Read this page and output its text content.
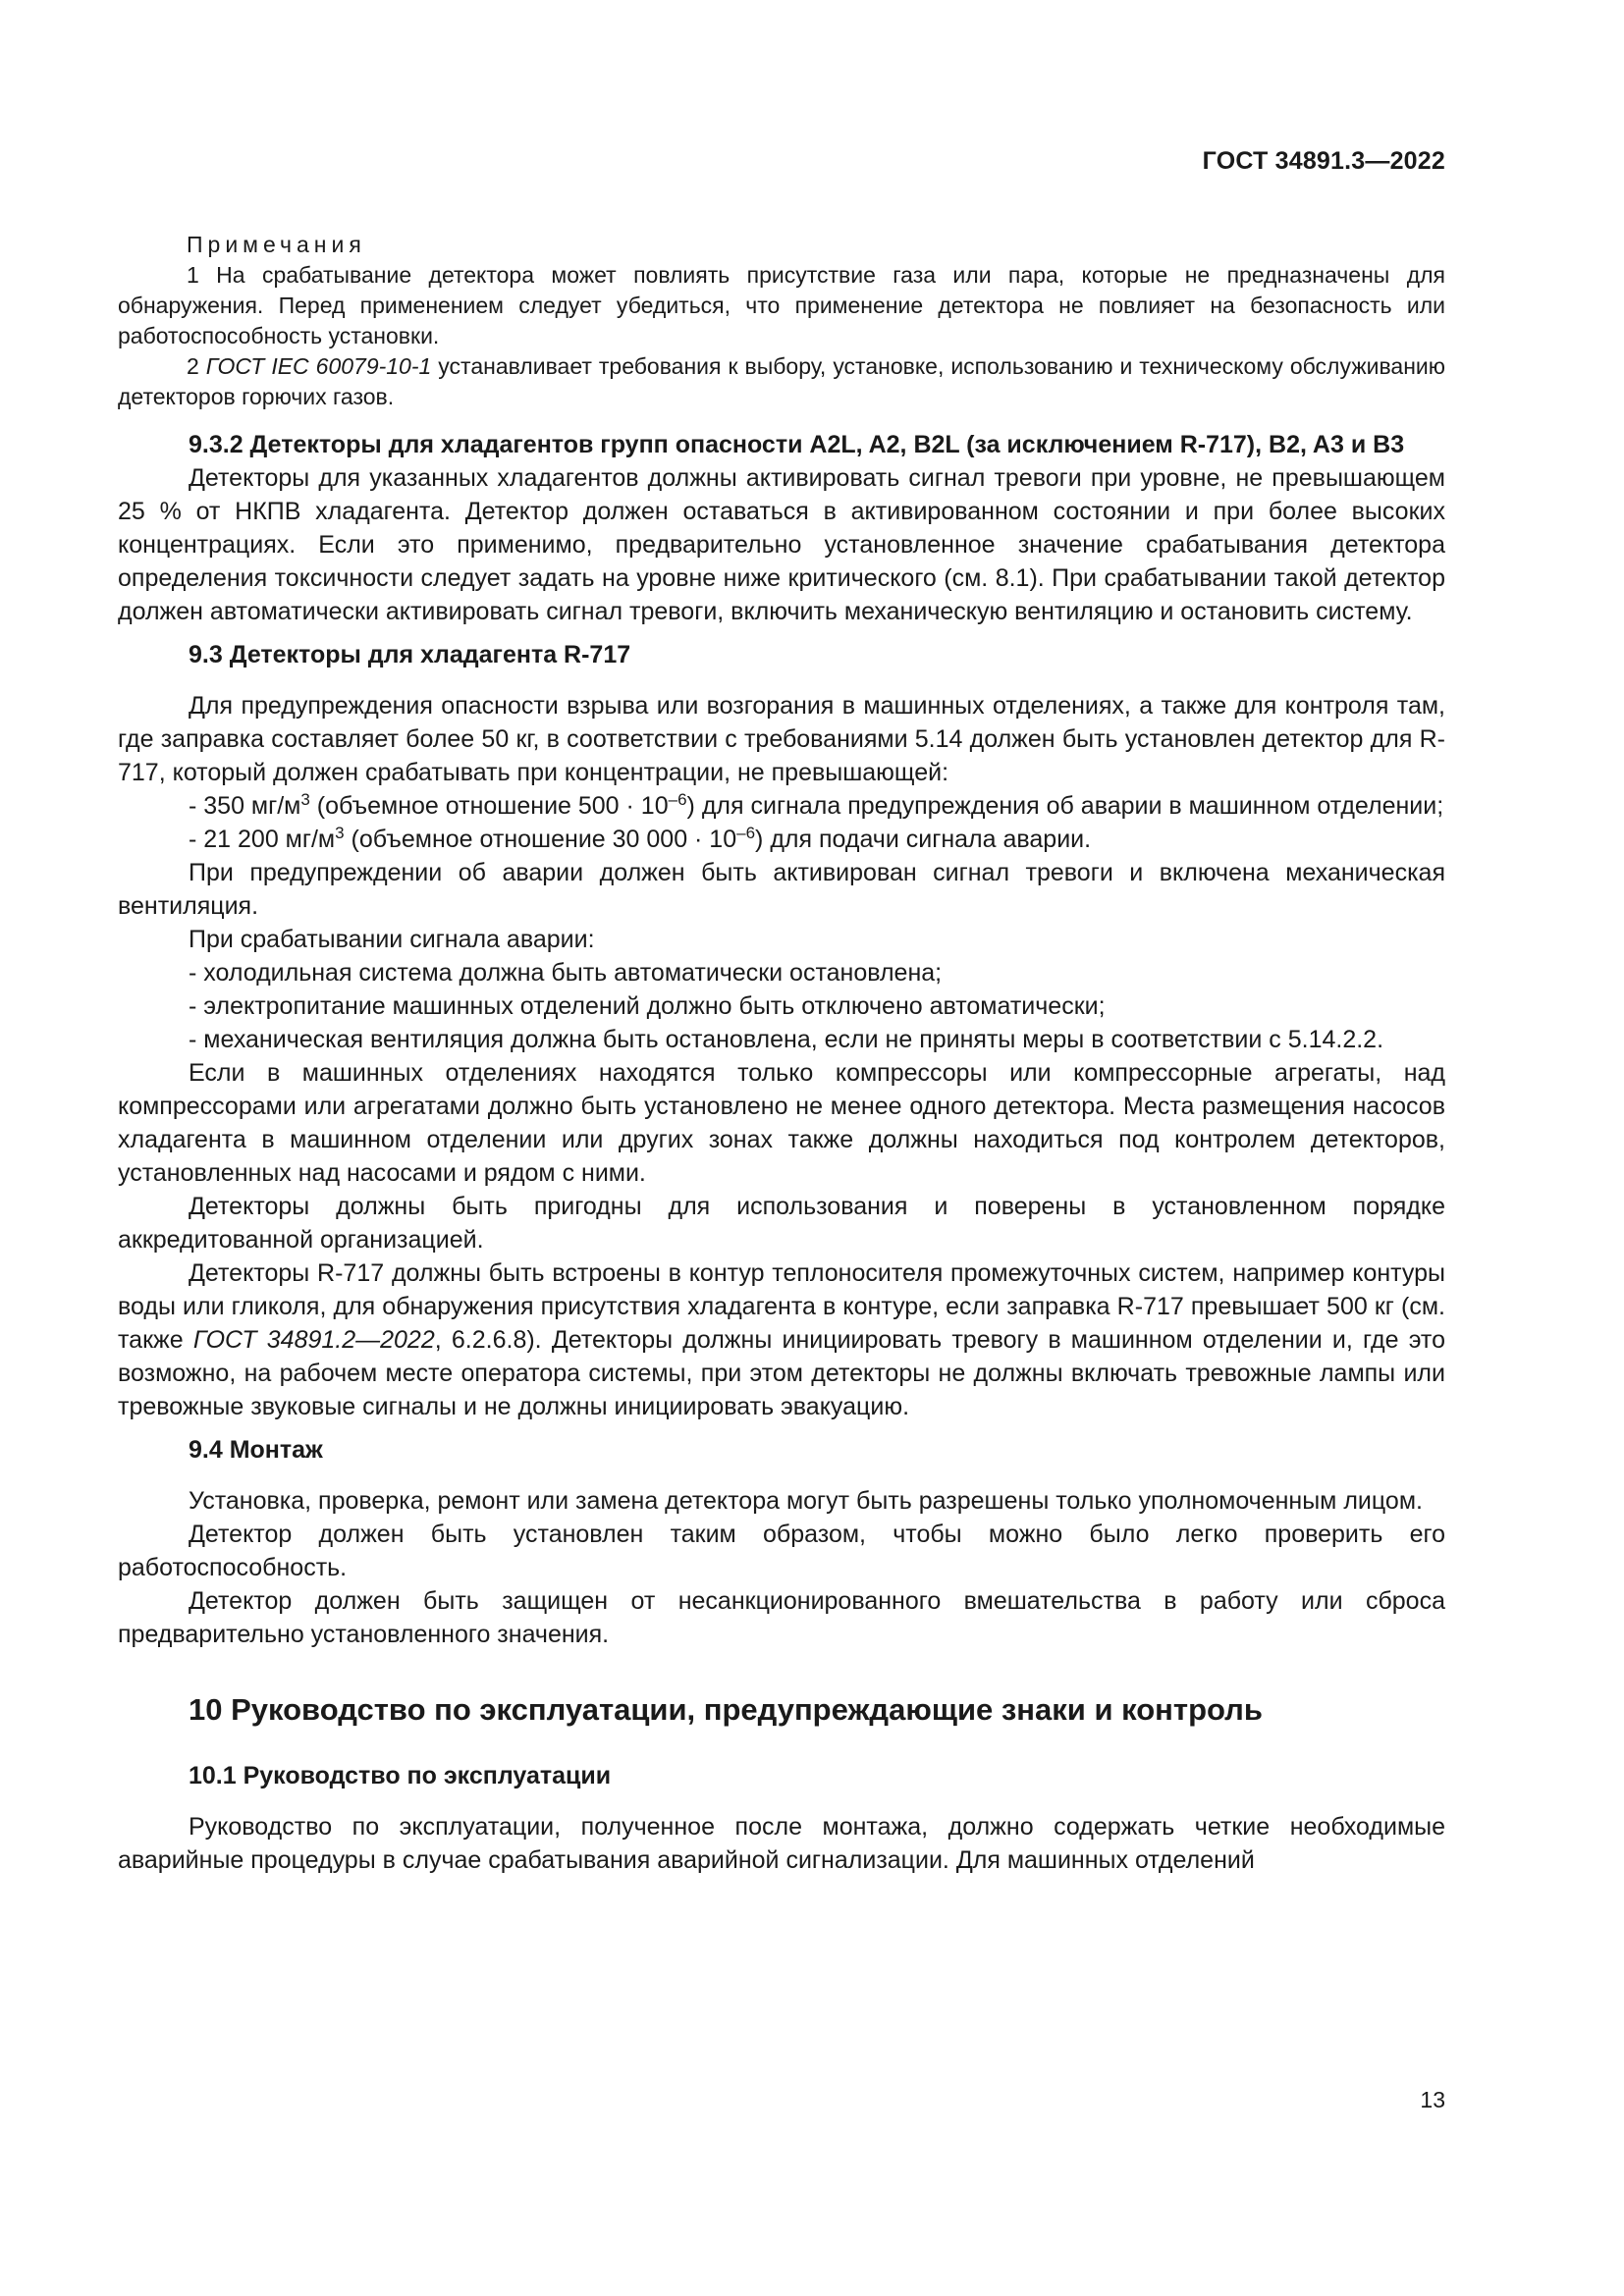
ГОСТ 34891.3—2022
Примечания

1 На срабатывание детектора может повлиять присутствие газа или пара, которые не предназначены для обнаружения. Перед применением следует убедиться, что применение детектора не повлияет на безопасность или работоспособность установки.

2 ГОСТ IEC 60079-10-1 устанавливает требования к выбору, установке, использованию и техническому обслуживанию детекторов горючих газов.

9.3.2 Детекторы для хладагентов групп опасности A2L, A2, B2L (за исключением R-717), B2, A3 и B3

Детекторы для указанных хладагентов должны активировать сигнал тревоги при уровне, не превышающем 25 % от НКПВ хладагента. Детектор должен оставаться в активированном состоянии и при более высоких концентрациях. Если это применимо, предварительно установленное значение срабатывания детектора определения токсичности следует задать на уровне ниже критического (см. 8.1). При срабатывании такой детектор должен автоматически активировать сигнал тревоги, включить механическую вентиляцию и остановить систему.

9.3 Детекторы для хладагента R-717

Для предупреждения опасности взрыва или возгорания в машинных отделениях, а также для контроля там, где заправка составляет более 50 кг, в соответствии с требованиями 5.14 должен быть установлен детектор для R-717, который должен срабатывать при концентрации, не превышающей:

- 350 $мг/м^3$ (объемное отношение $500 \cdot 10^{-6}$) для сигнала предупреждения об аварии в машинном отделении;

- 21 200 $мг/м^3$ (объемное отношение 30 $000 \cdot 10^{-6}$) для подачи сигнала аварии.

При предупреждении об аварии должен быть активирован сигнал тревоги и включена механическая вентиляция.

При срабатывании сигнала аварии:

- холодильная система должна быть автоматически остановлена;

- электропитание машинных отделений должно быть отключено автоматически;

- механическая вентиляция должна быть остановлена, если не приняты меры в соответствии с 5.14.2.2.

Если в машинных отделениях находятся только компрессоры или компрессорные агрегаты, над компрессорами или агрегатами должно быть установлено не менее одного детектора. Места размещения насосов хладагента в машинном отделении или других зонах также должны находиться под контролем детекторов, установленных над насосами и рядом с ними.

Детекторы должны быть пригодны для использования и поверены в установленном порядке аккредитованной организацией.

Детекторы R-717 должны быть встроены в контур теплоносителя промежуточных систем, например контуры воды или гликоля, для обнаружения присутствия хладагента в контуре, если заправка R-717 превышает 500 кг (см. также ГОСТ 34891.2—2022, 6.2.6.8). Детекторы должны инициировать тревогу в машинном отделении и, где это возможно, на рабочем месте оператора системы, при этом детекторы не должны включать тревожные лампы или тревожные звуковые сигналы и не должны инициировать эвакуацию.

9.4 Монтаж

Установка, проверка, ремонт или замена детектора могут быть разрешены только уполномоченным лицом.

Детектор должен быть установлен таким образом, чтобы можно было легко проверить его работоспособность.

Детектор должен быть защищен от несанкционированного вмешательства в работу или сброса предварительно установленного значения.

10 Руководство по эксплуатации, предупреждающие знаки и контроль
10.1 Руководство по эксплуатации

Руководство по эксплуатации, полученное после монтажа, должно содержать четкие необходимые аварийные процедуры в случае срабатывания аварийной сигнализации. Для машинных отделений

13
